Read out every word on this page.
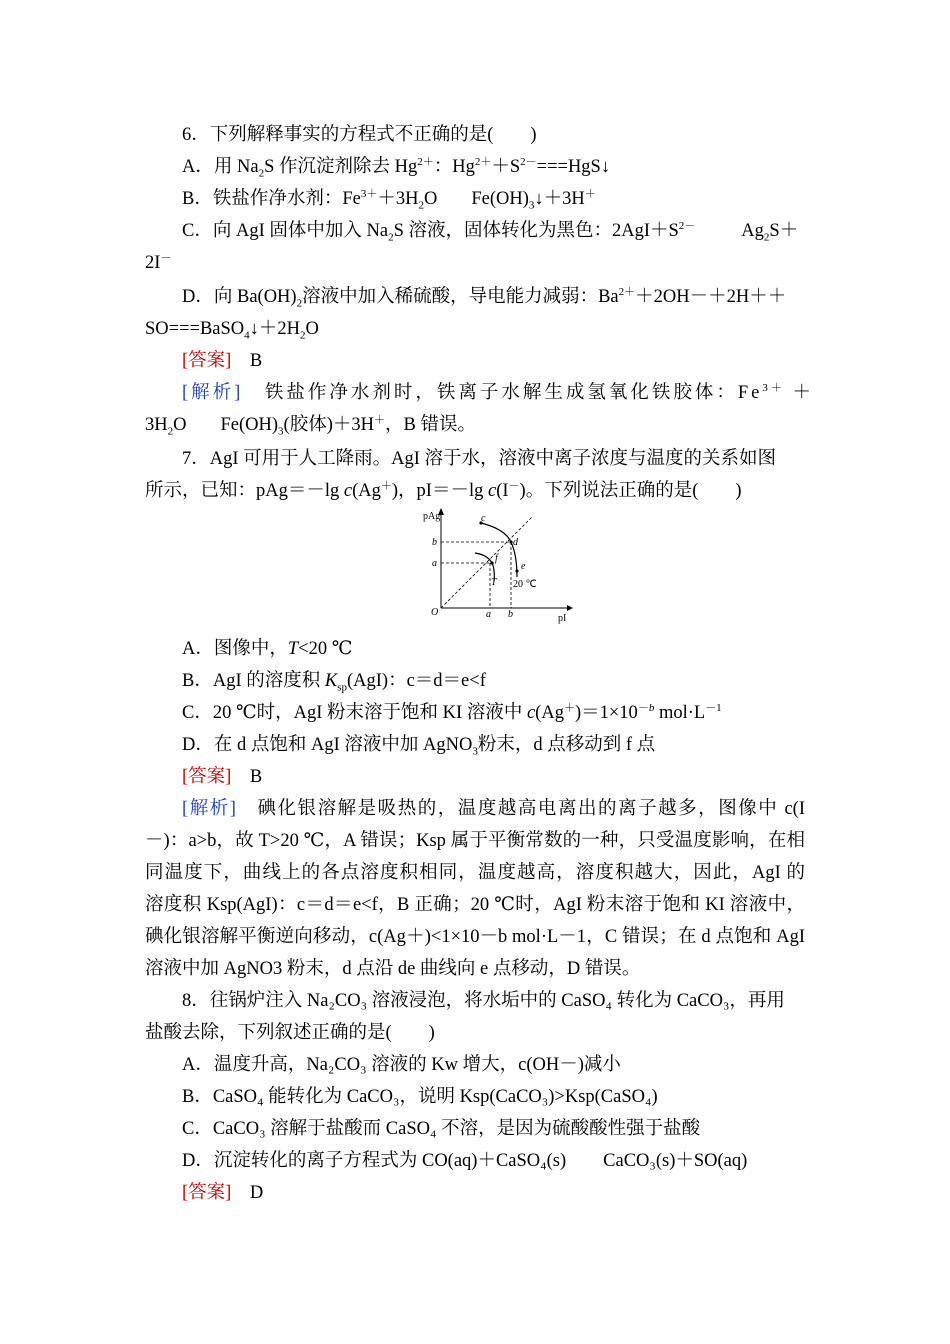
6．下列解释事实的方程式不正确的是(　　)
A．用 $Na_2S$ 作沉淀剂除去 $Hg^{2+}$：$Hg^{2+}+S^{2-}===HgS↓$
B．铁盐作净水剂：$Fe^{3+}+3H_2O$ $Fe(OH)_3↓+3H^+$
C．向 AgI 固体中加入 $Na_2S$ 溶液，固体转化为黑色：$2AgI+S^{2-}$ $Ag_2S+$
2I－
D．向 $Ba(OH)_2$溶液中加入稀硫酸，导电能力减弱：$Ba^{2+}+2OH-+2H++$
$SO===BaSO_4↓+2H_2O$
[答案]　 B
[解析]　 铁盐作净水剂时，铁离子水解生成氢氧化铁胶体：$Fe^{3+}$ ＋
$3H_2O$ $Fe(OH)_3$(胶体)＋3H＋，B 错误。
7．AgI 可用于人工降雨。AgI 溶于水，溶液中离子浓度与温度的关系如图
所示，已知：pAg＝－lg c(Ag＋)，pI＝－lg c(I－)。下列说法正确的是(　　)
pAg
pI
O
b
a
a b
c
d
e
f
T 20 ℃
A．图像中，T<20 ℃
B．AgI 的溶度积 $K_{sp}(AgI)$：c＝d＝e<f
C．20 ℃时，AgI 粉末溶于饱和 KI 溶液中 $c(Ag^+)=1\times 10^{-b}$ $mol\cdot L^{-1}$
D．在 d 点饱和 AgI 溶液中加 AgNO$_3$粉末，d 点移动到 f 点
[答案]　 B
[解析]　 碘化银溶解是吸热的，温度越高电离出的离子越多，图像中 c(I
－)：a>b，故 T>20 ℃，A 错误；Ksp 属于平衡常数的一种，只受温度影响，在相
同温度下，曲线上的各点溶度积相同，温度越高，溶度积越大，因此，AgI 的
溶度积 Ksp(AgI)：c＝d＝e<f，B 正确；20 ℃时，AgI 粉末溶于饱和 KI 溶液中，
碘化银溶解平衡逆向移动，c(Ag＋)<1×10－b mol·L－1，C 错误；在 d 点饱和 AgI
溶液中加 AgNO3 粉末，d 点沿 de 曲线向 e 点移动，D 错误。
8．往锅炉注入 Na₂CO₃ 溶液浸泡，将水垢中的 CaSO₄ 转化为 CaCO₃，再用
盐酸去除，下列叙述正确的是(　　)
A．温度升高，Na₂CO₃ 溶液的 Kw 增大，c(OH－)减小
B．CaSO₄ 能转化为 CaCO₃，说明 Ksp(CaCO₃)>Ksp(CaSO₄)
C．CaCO₃ 溶解于盐酸而 CaSO₄ 不溶，是因为硫酸酸性强于盐酸
D．沉淀转化的离子方程式为 CO(aq)＋CaSO₄(s)　　CaCO₃(s)＋SO(aq)
[答案]　 D
